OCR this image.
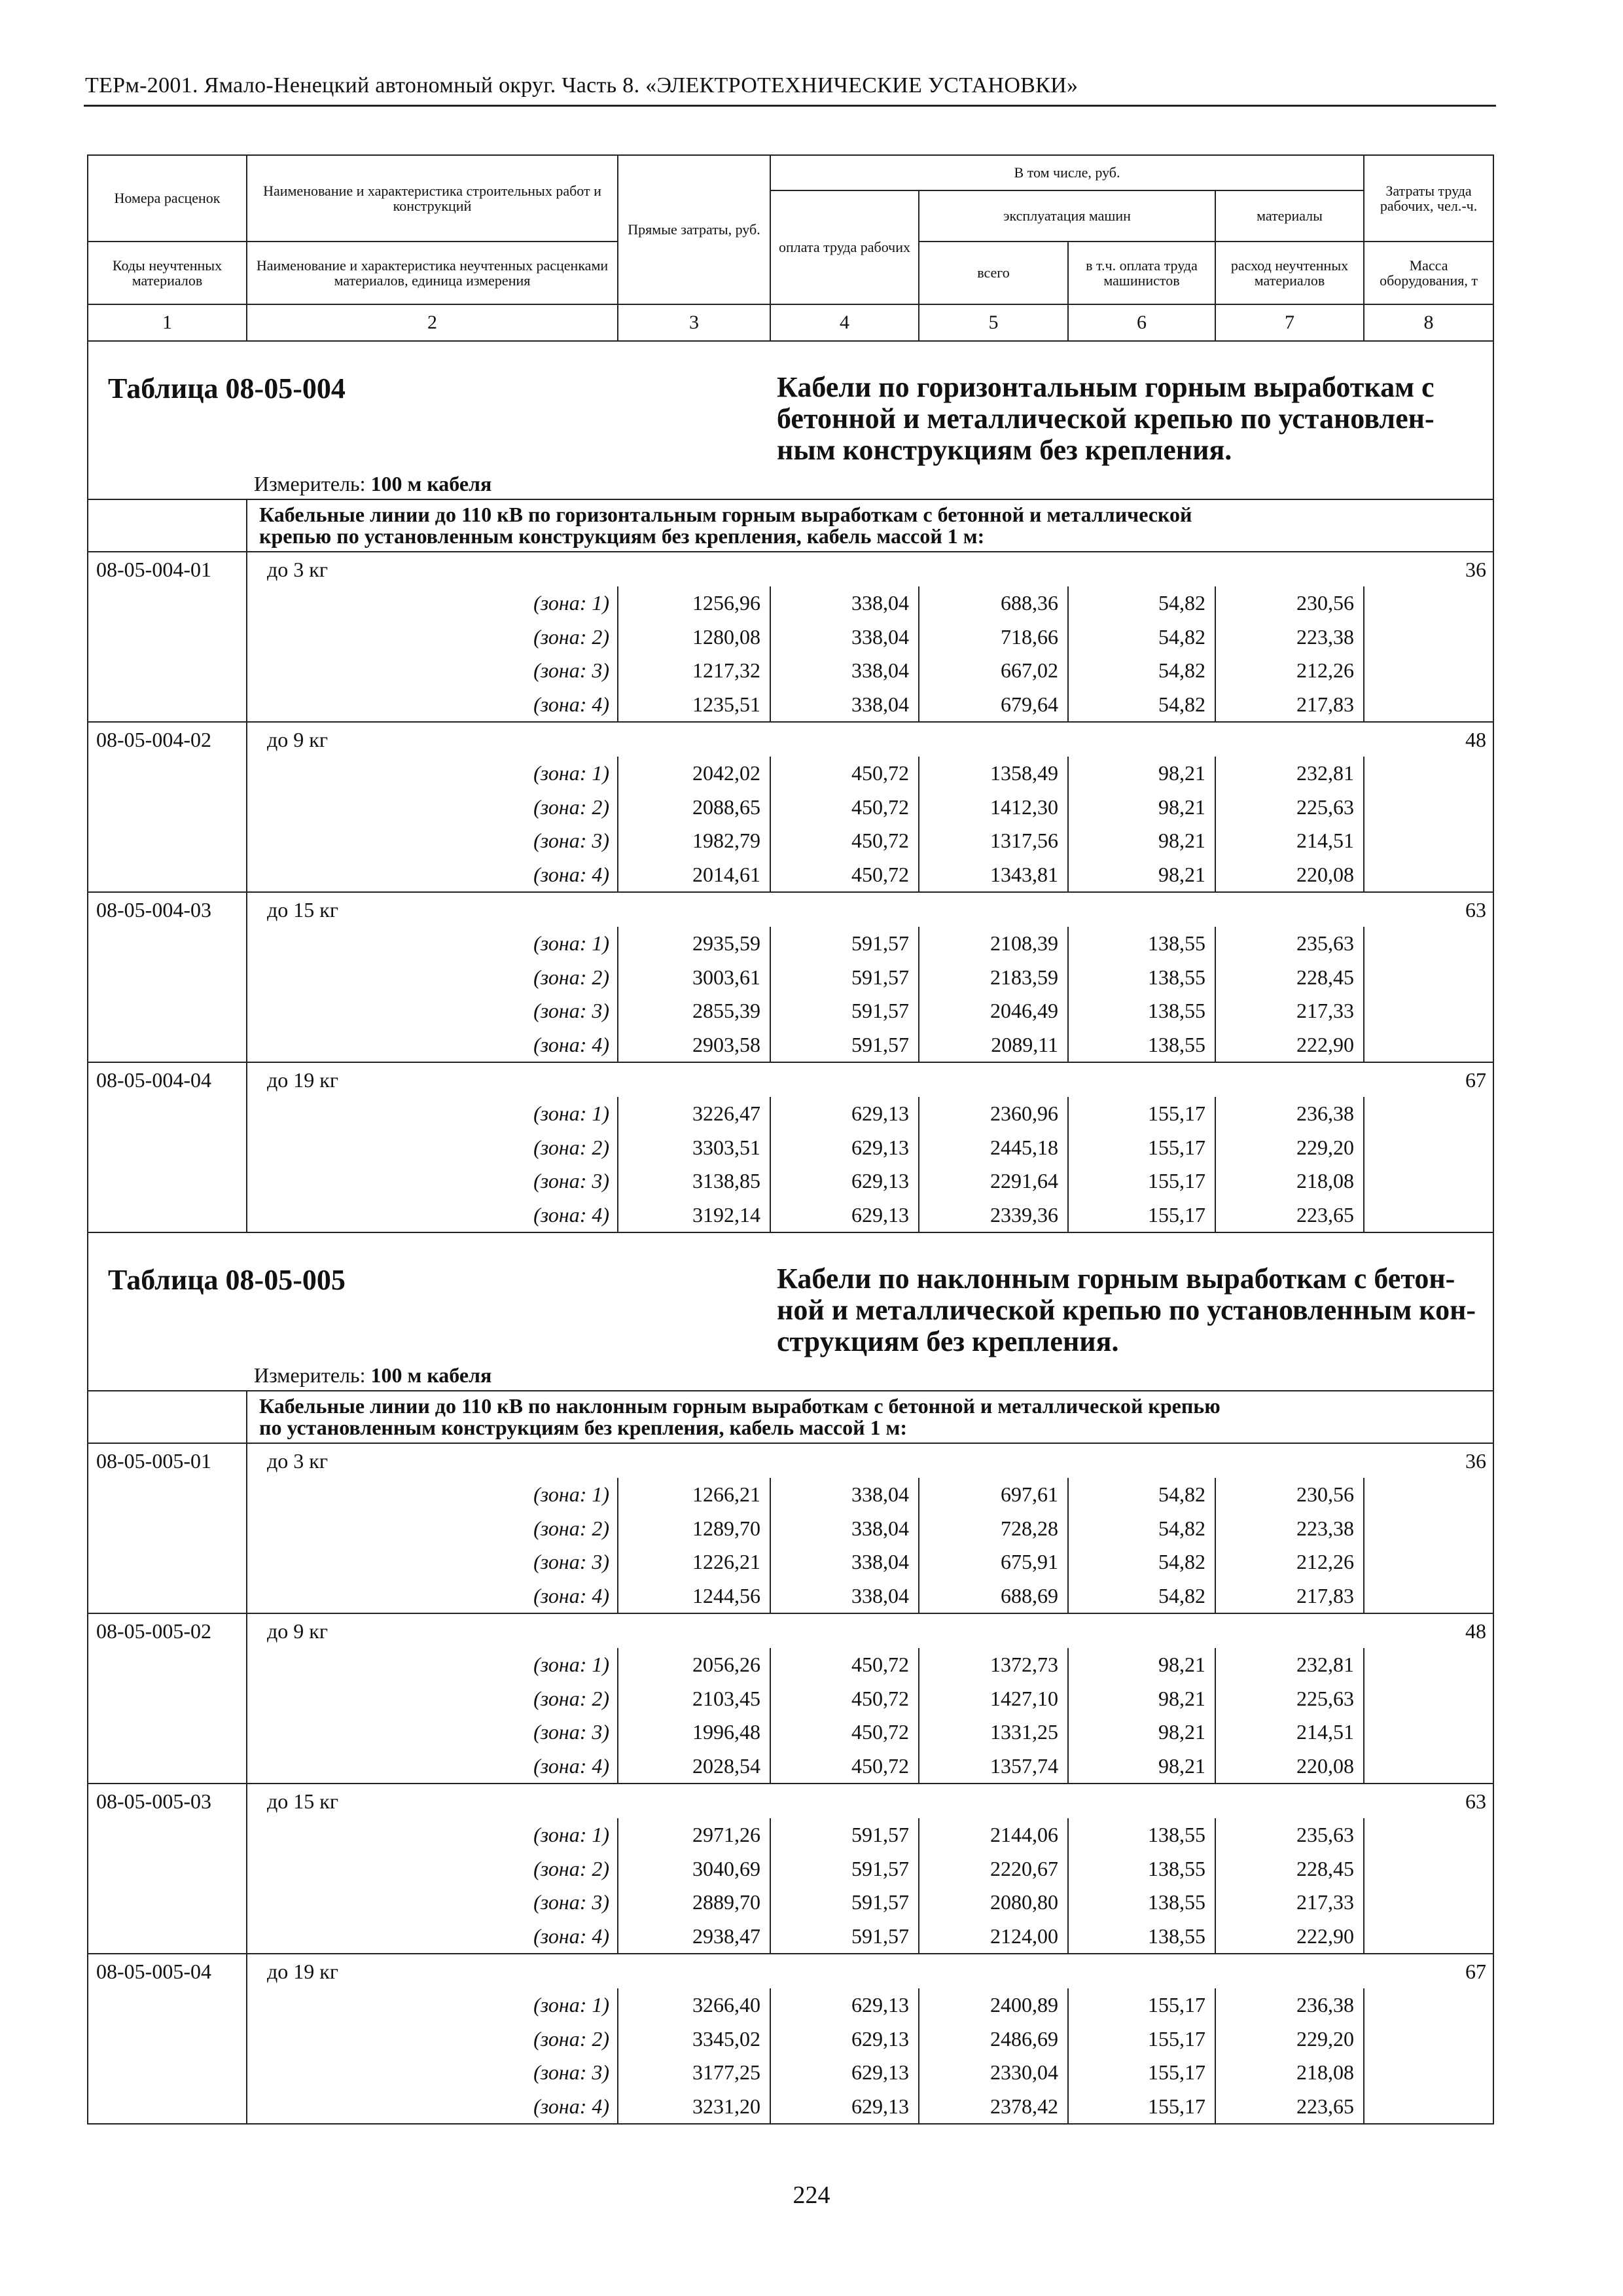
ТЕРм-2001. Ямало-Ненецкий автономный округ. Часть 8. «ЭЛЕКТРОТЕХНИЧЕСКИЕ УСТАНОВКИ»
Номера расценок	Наименование и характеристика строительных работ и конструкций	Прямые затраты, руб.	В том числе, руб.				Затраты труда рабочих, чел.-ч.
			оплата труда рабочих	эксплуатация машин		материалы	
Коды неучтенных материалов	Наименование и характеристика неучтенных расценками материалов, единица измерения			всего	в т.ч. оплата труда машинистов	расход неучтенных материалов	Масса оборудования, т
1	2	3	4	5	6	7	8
Таблица 08-05-004			Кабели по горизонтальным горным выработкам с
бетонной и металлической крепью по установлен-
ным конструкциям без крепления.				

Измеритель: 100 м кабеля							

	Кабельные линии до 110 кВ по горизонтальным горным выработкам с бетонной и металлической
крепью по установленным конструкциям без крепления, кабель массой 1 м:						

08-05-004-01	до 3 кг						36
	(зона: 1)	1256,96	338,04	688,36	54,82	230,56	
	(зона: 2)	1280,08	338,04	718,66	54,82	223,38	
	(зона: 3)	1217,32	338,04	667,02	54,82	212,26	
	(зона: 4)	1235,51	338,04	679,64	54,82	217,83	
08-05-004-02	до 9 кг						48
	(зона: 1)	2042,02	450,72	1358,49	98,21	232,81	
	(зона: 2)	2088,65	450,72	1412,30	98,21	225,63	
	(зона: 3)	1982,79	450,72	1317,56	98,21	214,51	
	(зона: 4)	2014,61	450,72	1343,81	98,21	220,08	
08-05-004-03	до 15 кг						63
	(зона: 1)	2935,59	591,57	2108,39	138,55	235,63	
	(зона: 2)	3003,61	591,57	2183,59	138,55	228,45	
	(зона: 3)	2855,39	591,57	2046,49	138,55	217,33	
	(зона: 4)	2903,58	591,57	2089,11	138,55	222,90	
08-05-004-04	до 19 кг						67
	(зона: 1)	3226,47	629,13	2360,96	155,17	236,38	
	(зона: 2)	3303,51	629,13	2445,18	155,17	229,20	
	(зона: 3)	3138,85	629,13	2291,64	155,17	218,08	
	(зона: 4)	3192,14	629,13	2339,36	155,17	223,65	
Таблица 08-05-005			Кабели по наклонным горным выработкам с бетон-
ной и металлической крепью по установленным кон-
струкциям без крепления.				

Измеритель: 100 м кабеля							

	Кабельные линии до 110 кВ по наклонным горным выработкам с бетонной и металлической крепью
по установленным конструкциям без крепления, кабель массой 1 м:						

08-05-005-01	до 3 кг						36
	(зона: 1)	1266,21	338,04	697,61	54,82	230,56	
	(зона: 2)	1289,70	338,04	728,28	54,82	223,38	
	(зона: 3)	1226,21	338,04	675,91	54,82	212,26	
	(зона: 4)	1244,56	338,04	688,69	54,82	217,83	
08-05-005-02	до 9 кг						48
	(зона: 1)	2056,26	450,72	1372,73	98,21	232,81	
	(зона: 2)	2103,45	450,72	1427,10	98,21	225,63	
	(зона: 3)	1996,48	450,72	1331,25	98,21	214,51	
	(зона: 4)	2028,54	450,72	1357,74	98,21	220,08	
08-05-005-03	до 15 кг						63
	(зона: 1)	2971,26	591,57	2144,06	138,55	235,63	
	(зона: 2)	3040,69	591,57	2220,67	138,55	228,45	
	(зона: 3)	2889,70	591,57	2080,80	138,55	217,33	
	(зона: 4)	2938,47	591,57	2124,00	138,55	222,90	
08-05-005-04	до 19 кг						67
	(зона: 1)	3266,40	629,13	2400,89	155,17	236,38	
	(зона: 2)	3345,02	629,13	2486,69	155,17	229,20	
	(зона: 3)	3177,25	629,13	2330,04	155,17	218,08	
	(зона: 4)	3231,20	629,13	2378,42	155,17	223,65	
224
